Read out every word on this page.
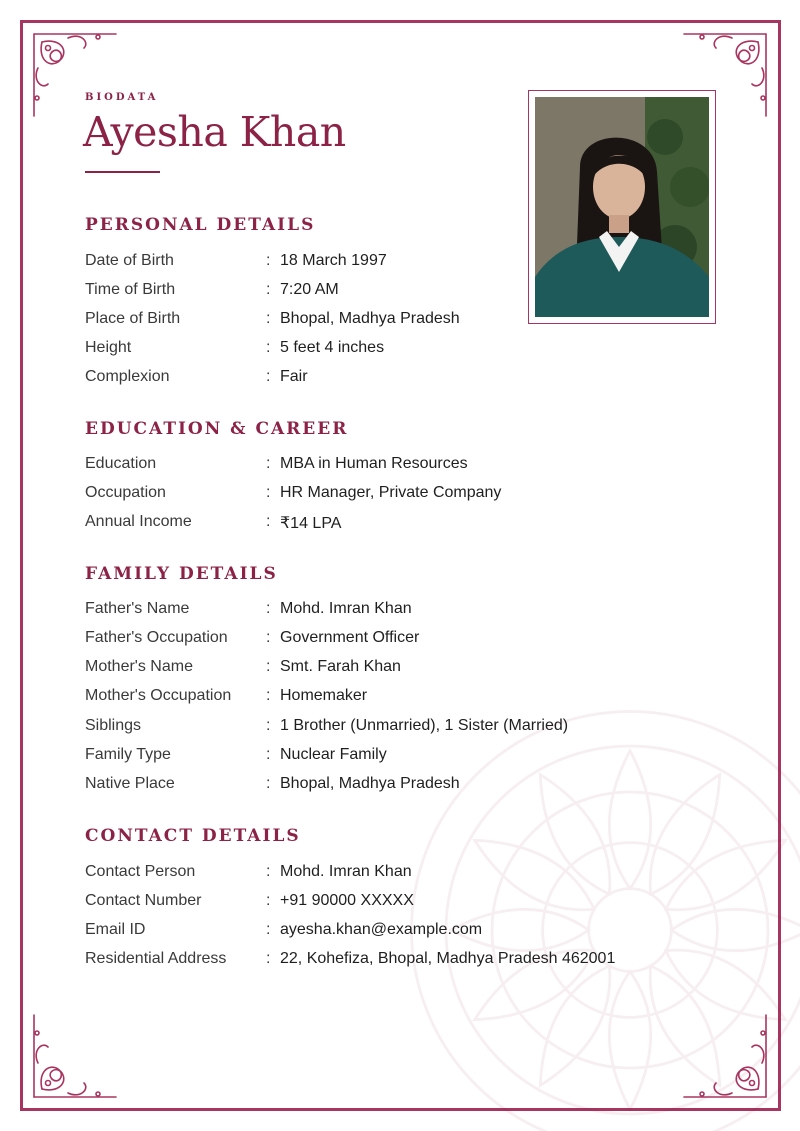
BIODATA
Ayesha Khan
PERSONAL DETAILS
Date of Birth	: 18 March 1997
Time of Birth	: 7:20 AM
Place of Birth	: Bhopal, Madhya Pradesh
Height	: 5 feet 4 inches
Complexion	: Fair
EDUCATION & CAREER
Education	: MBA in Human Resources
Occupation	: HR Manager, Private Company
Annual Income	: ₹14 LPA
FAMILY DETAILS
Father's Name	: Mohd. Imran Khan
Father's Occupation : Government Officer
Mother's Name	: Smt. Farah Khan
Mother's Occupation : Homemaker
Siblings	: 1 Brother (Unmarried), 1 Sister (Married)
Family Type	: Nuclear Family
Native Place	: Bhopal, Madhya Pradesh
CONTACT DETAILS
Contact Person	: Mohd. Imran Khan
Contact Number	: +91 90000 XXXXX
Email ID	: ayesha.khan@example.com
Residential Address : 22, Kohefiza, Bhopal, Madhya Pradesh 462001
